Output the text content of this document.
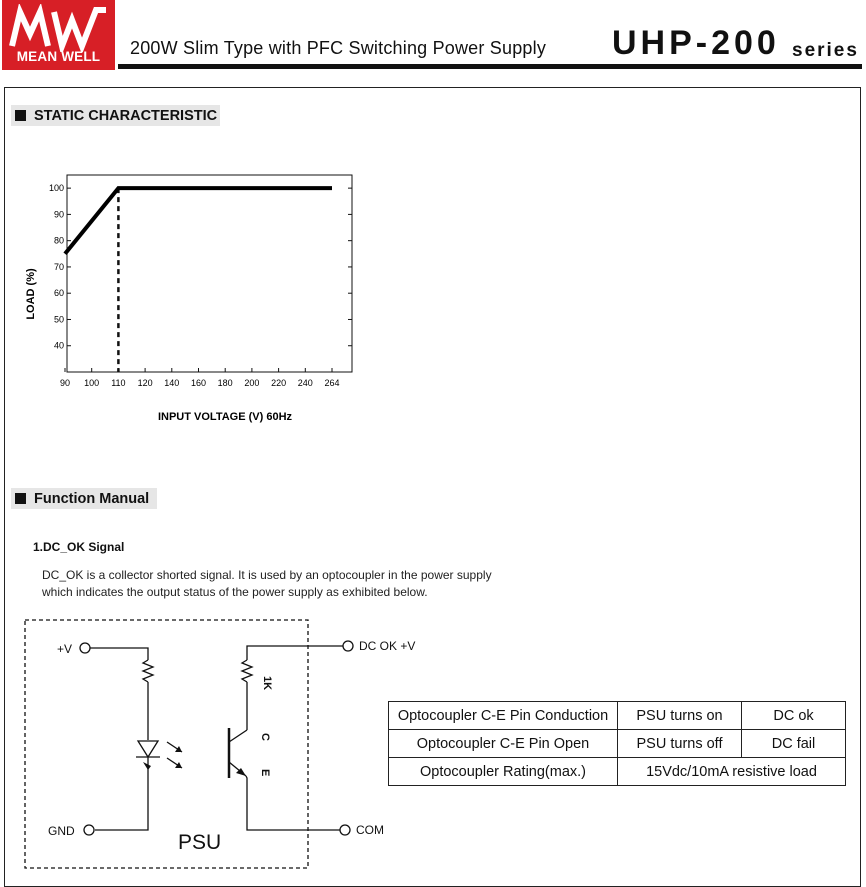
MEAN WELL	200W Slim Type with PFC Switching Power Supply UHP-200 series
STATIC CHARACTERISTIC
40
50
60
70
80
90
100
90 100 110 120 140 160 180 200 220 240 264
LOAD (%)
INPUT VOLTAGE (V) 60Hz
Function Manual
1.DC_OK Signal
DC_OK is a collector shorted signal. It is used by an optocoupler in the power supply
which indicates the output status of the power supply as exhibited below.
+V
GND
DC OK +V
COM
PSU
1K
C
E
Optocoupler C-E Pin Conduction	PSU turns on	DC ok
Optocoupler C-E Pin Open	PSU turns off	DC fail
Optocoupler Rating(max.)	15Vdc/10mA resistive load	
